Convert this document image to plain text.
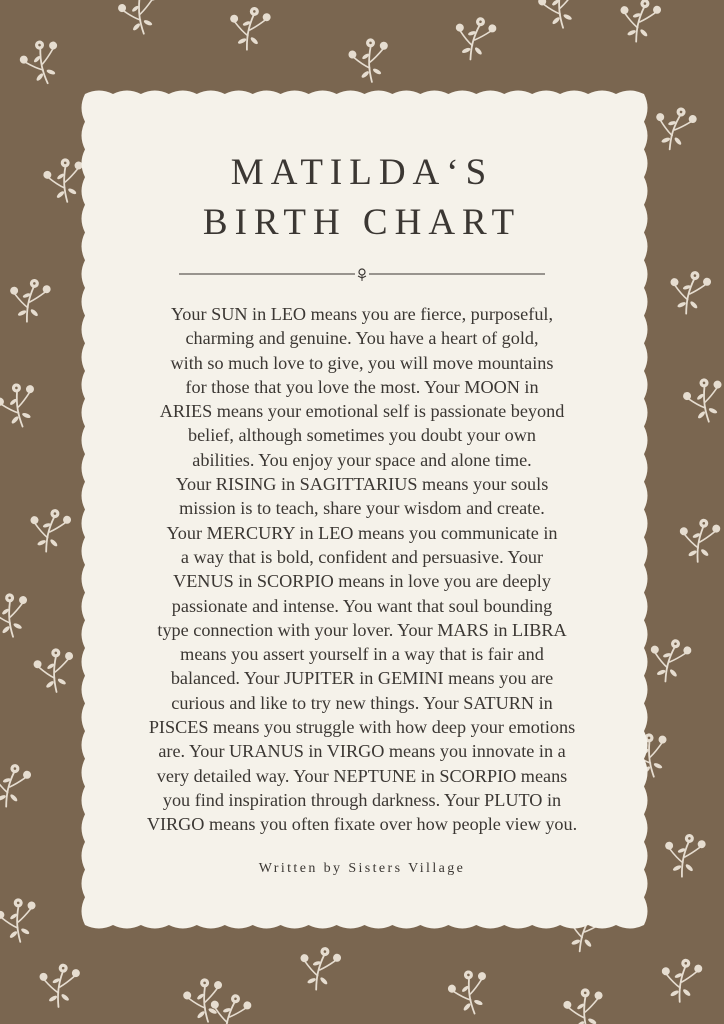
MATILDA‘S
BIRTH CHART

Your SUN in LEO means you are fierce, purposeful,
charming and genuine. You have a heart of gold,
with so much love to give, you will move mountains
for those that you love the most. Your MOON in
ARIES means your emotional self is passionate beyond
belief, although sometimes you doubt your own
abilities. You enjoy your space and alone time.
Your RISING in SAGITTARIUS means your souls
mission is to teach, share your wisdom and create.
Your MERCURY in LEO means you communicate in
a way that is bold, confident and persuasive. Your
VENUS in SCORPIO means in love you are deeply
passionate and intense. You want that soul bounding
type connection with your lover. Your MARS in LIBRA
means you assert yourself in a way that is fair and
balanced. Your JUPITER in GEMINI means you are
curious and like to try new things. Your SATURN in
PISCES means you struggle with how deep your emotions
are. Your URANUS in VIRGO means you innovate in a
very detailed way. Your NEPTUNE in SCORPIO means
you find inspiration through darkness. Your PLUTO in
VIRGO means you often fixate over how people view you.

Written by Sisters Village
